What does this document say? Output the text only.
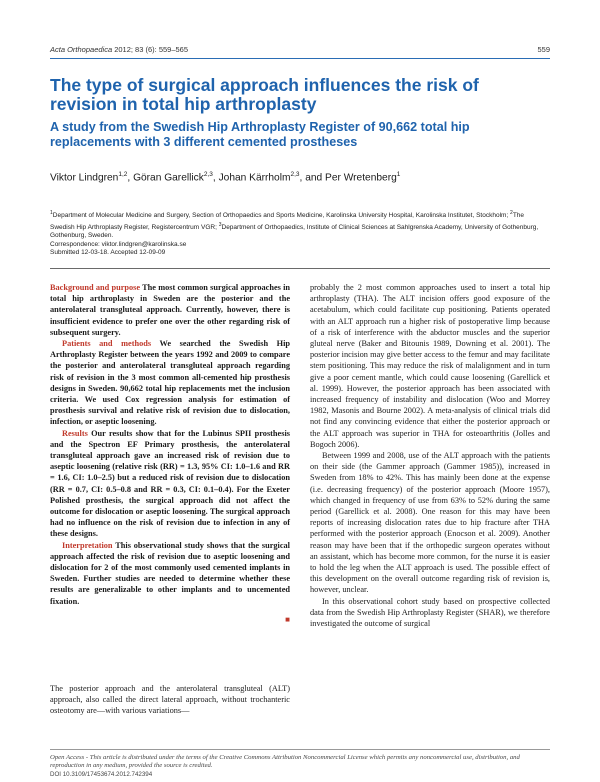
Acta Orthopaedica 2012; 83 (6): 559–565	559
The type of surgical approach influences the risk of revision in total hip arthroplasty
A study from the Swedish Hip Arthroplasty Register of 90,662 total hip replacements with 3 different cemented prostheses
Viktor Lindgren$^{1,2}$, Göran Garellick$^{2,3}$, Johan Kärrholm$^{2,3}$, and Per Wretenberg$^1$
$^1$Department of Molecular Medicine and Surgery, Section of Orthopaedics and Sports Medicine, Karolinska University Hospital, Karolinska Institutet, Stockholm; $^2$The Swedish Hip Arthroplasty Register, Registercentrum VGR; $^3$Department of Orthopaedics, Institute of Clinical Sciences at Sahlgrenska Academy, University of Gothenburg, Gothenburg, Sweden.
Correspondence: viktor.lindgren@karolinska.se
Submitted 12-03-18. Accepted 12-09-09

Background and purpose The most common surgical approaches in total hip arthroplasty in Sweden are the posterior and the anterolateral transgluteal approach. Currently, however, there is insufficient evidence to prefer one over the other regarding risk of subsequent surgery.

Patients and methods We searched the Swedish Hip Arthroplasty Register between the years 1992 and 2009 to compare the posterior and anterolateral transgluteal approach regarding risk of revision in the 3 most common all-cemented hip prosthesis designs in Sweden. 90,662 total hip replacements met the inclusion criteria. We used Cox regression analysis for estimation of prosthesis survival and relative risk of revision due to dislocation, infection, or aseptic loosening.

Results Our results show that for the Lubinus SPII prosthesis and the Spectron EF Primary prosthesis, the anterolateral transgluteal approach gave an increased risk of revision due to aseptic loosening (relative risk (RR) = 1.3, 95% CI: 1.0–1.6 and RR = 1.6, CI: 1.0–2.5) but a reduced risk of revision due to dislocation (RR = 0.7, CI: 0.5–0.8 and RR = 0.3, CI: 0.1–0.4). For the Exeter Polished prosthesis, the surgical approach did not affect the outcome for dislocation or aseptic loosening. The surgical approach had no influence on the risk of revision due to infection in any of these designs.

Interpretation This observational study shows that the surgical approach affected the risk of revision due to aseptic loosening and dislocation for 2 of the most commonly used cemented implants in Sweden. Further studies are needed to determine whether these results are generalizable to other implants and to uncemented fixation.

■

The posterior approach and the anterolateral transgluteal (ALT) approach, also called the direct lateral approach, without trochanteric osteotomy are—with various variations—

probably the 2 most common approaches used to insert a total hip arthroplasty (THA). The ALT incision offers good exposure of the acetabulum, which could facilitate cup positioning. Patients operated with an ALT approach run a higher risk of postoperative limp because of a risk of interference with the abductor muscles and the superior gluteal nerve (Baker and Bitounis 1989, Downing et al. 2001). The posterior incision may give better access to the femur and may facilitate stem positioning. This may reduce the risk of malalignment and in turn give a poor cement mantle, which could cause loosening (Garellick et al. 1999). However, the posterior approach has been associated with increased frequency of instability and dislocation (Woo and Morrey 1982, Masonis and Bourne 2002). A meta-analysis of clinical trials did not find any convincing evidence that either the posterior approach or the ALT approach was superior in THA for osteoarthritis (Jolles and Bogoch 2006).

Between 1999 and 2008, use of the ALT approach with the patients on their side (the Gammer approach (Gammer 1985)), increased in Sweden from 18% to 42%. This has mainly been done at the expense (i.e. decreasing frequency) of the posterior approach (Moore 1957), which changed in frequency of use from 63% to 52% during the same period (Garellick et al. 2008). One reason for this may have been reports of increasing dislocation rates due to hip fracture after THA performed with the posterior approach (Enocson et al. 2009). Another reason may have been that if the orthopedic surgeon operates without an assistant, which has become more common, for the nurse it is easier to hold the leg when the ALT approach is used. The possible effect of this development on the overall outcome regarding risk of revision is, however, unclear.

In this observational cohort study based on prospective collected data from the Swedish Hip Arthroplasty Register (SHAR), we therefore investigated the outcome of surgical

Open Access - This article is distributed under the terms of the Creative Commons Attribution Noncommercial License which permits any noncommercial use, distribution, and reproduction in any medium, provided the source is credited.
DOI 10.3109/17453674.2012.742394
